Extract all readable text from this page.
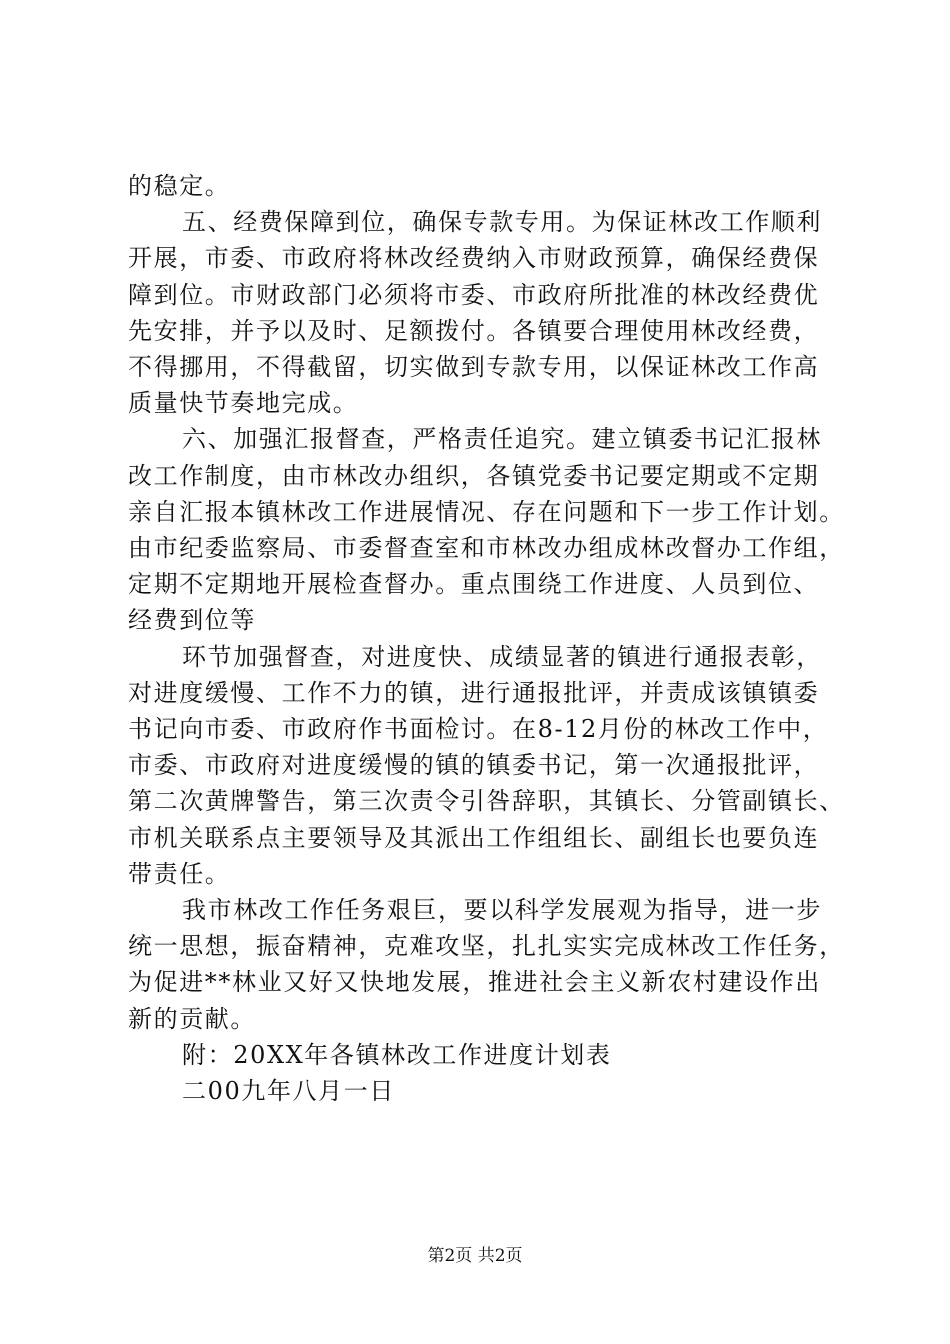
的稳定。

五、经费保障到位，确保专款专用。为保证林改工作顺利

开展，市委、市政府将林改经费纳入市财政预算，确保经费保

障到位。市财政部门必须将市委、市政府所批准的林改经费优

先安排，并予以及时、足额拨付。各镇要合理使用林改经费，

不得挪用，不得截留，切实做到专款专用，以保证林改工作高

质量快节奏地完成。

六、加强汇报督查，严格责任追究。建立镇委书记汇报林

改工作制度，由市林改办组织，各镇党委书记要定期或不定期

亲自汇报本镇林改工作进展情况、存在问题和下一步工作计划。

由市纪委监察局、市委督查室和市林改办组成林改督办工作组，

定期不定期地开展检查督办。重点围绕工作进度、人员到位、

经费到位等

环节加强督查，对进度快、成绩显著的镇进行通报表彰，

对进度缓慢、工作不力的镇，进行通报批评，并责成该镇镇委

书记向市委、市政府作书面检讨。在8-12月份的林改工作中，

市委、市政府对进度缓慢的镇的镇委书记，第一次通报批评，

第二次黄牌警告，第三次责令引咎辞职，其镇长、分管副镇长、

市机关联系点主要领导及其派出工作组组长、副组长也要负连

带责任。

我市林改工作任务艰巨，要以科学发展观为指导，进一步

统一思想，振奋精神，克难攻坚，扎扎实实完成林改工作任务，

为促进**林业又好又快地发展，推进社会主义新农村建设作出

新的贡献。

附：20XX年各镇林改工作进度计划表

二00九年八月一日

第2页 共2页
